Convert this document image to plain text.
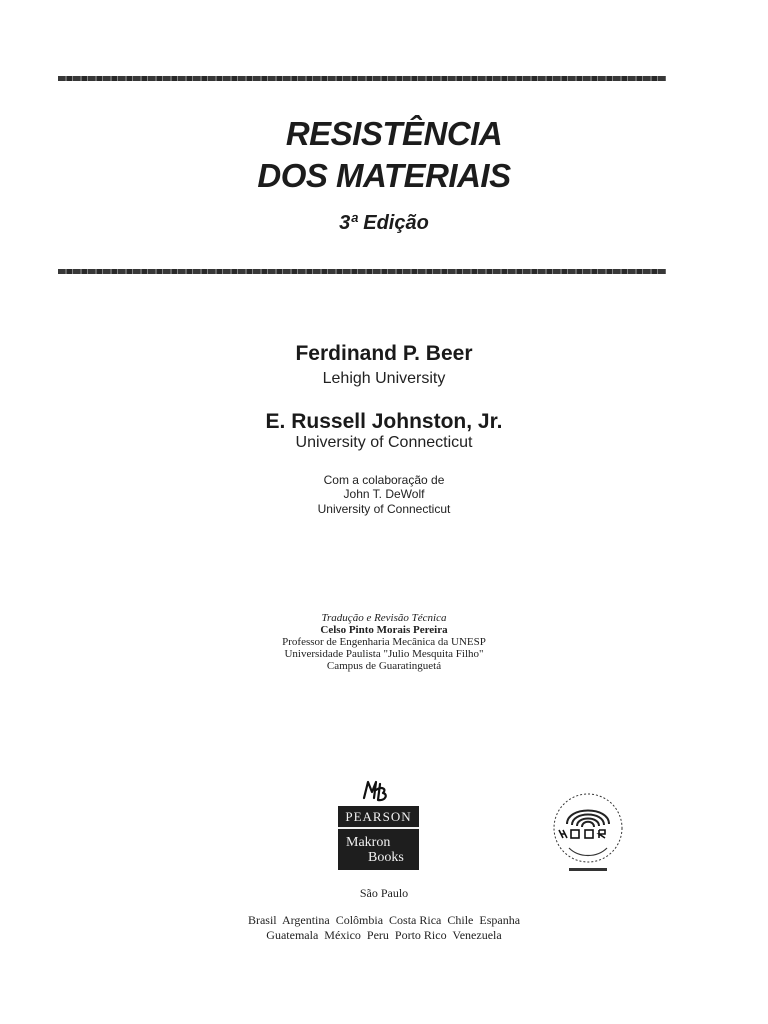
RESISTÊNCIA
DOS MATERIAIS
3ª Edição
Ferdinand P. Beer
Lehigh University
E. Russell Johnston, Jr.
University of Connecticut
Com a colaboração de
John T. DeWolf
University of Connecticut
Tradução e Revisão Técnica
Celso Pinto Morais Pereira
Professor de Engenharia Mecânica da UNESP
Universidade Paulista "Julio Mesquita Filho"
Campus de Guaratinguetá
PEARSON
Makron
Books
São Paulo
Brasil  Argentina  Colômbia  Costa Rica  Chile  Espanha
Guatemala  México  Peru  Porto Rico  Venezuela
